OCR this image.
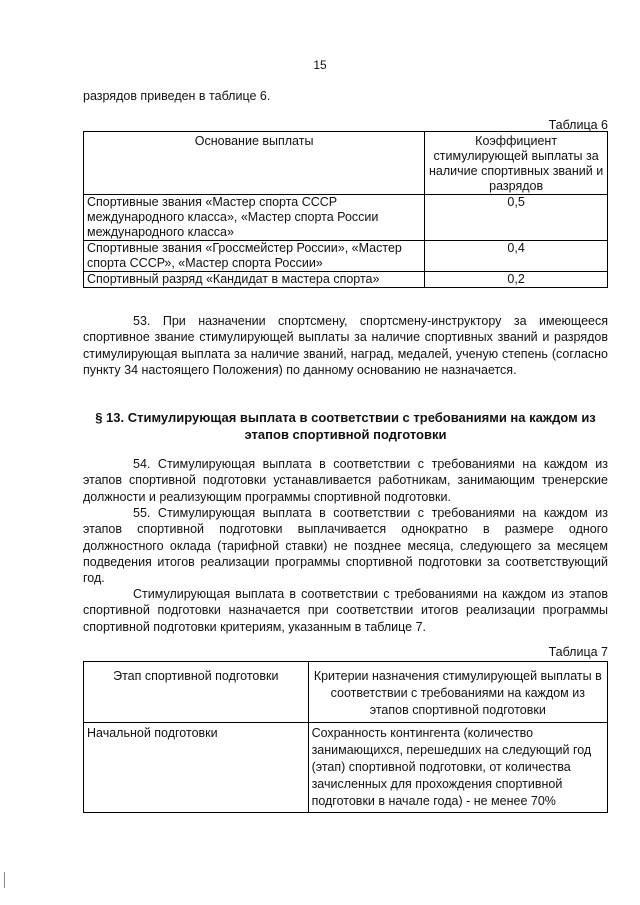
15
разрядов приведен в таблице 6.
Таблица 6
Основание выплаты	Коэффициент стимулирующей выплаты за наличие спортивных званий и разрядов
Спортивные звания «Мастер спорта СССР международного класса», «Мастер спорта России международного класса»	0,5
Спортивные звания «Гроссмейстер России», «Мастер спорта СССР», «Мастер спорта России»	0,4
Спортивный разряд «Кандидат в мастера спорта»	0,2
53. При назначении спортсмену, спортсмену-инструктору за имеющееся спортивное звание стимулирующей выплаты за наличие спортивных званий и разрядов стимулирующая выплата за наличие званий, наград, медалей, ученую степень (согласно пункту 34 настоящего Положения) по данному основанию не назначается.
§ 13. Стимулирующая выплата в соответствии с требованиями на каждом из этапов спортивной подготовки
54. Стимулирующая выплата в соответствии с требованиями на каждом из этапов спортивной подготовки устанавливается работникам, занимающим тренерские должности и реализующим программы спортивной подготовки.
55. Стимулирующая выплата в соответствии с требованиями на каждом из этапов спортивной подготовки выплачивается однократно в размере одного должностного оклада (тарифной ставки) не позднее месяца, следующего за месяцем подведения итогов реализации программы спортивной подготовки за соответствующий год.
Стимулирующая выплата в соответствии с требованиями на каждом из этапов спортивной подготовки назначается при соответствии итогов реализации программы спортивной подготовки критериям, указанным в таблице 7.
Таблица 7
Этап спортивной подготовки	Критерии назначения стимулирующей выплаты в соответствии с требованиями на каждом из этапов спортивной подготовки
Начальной подготовки	Сохранность контингента (количество занимающихся, перешедших на следующий год (этап) спортивной подготовки, от количества зачисленных для прохождения спортивной подготовки в начале года) - не менее 70%
